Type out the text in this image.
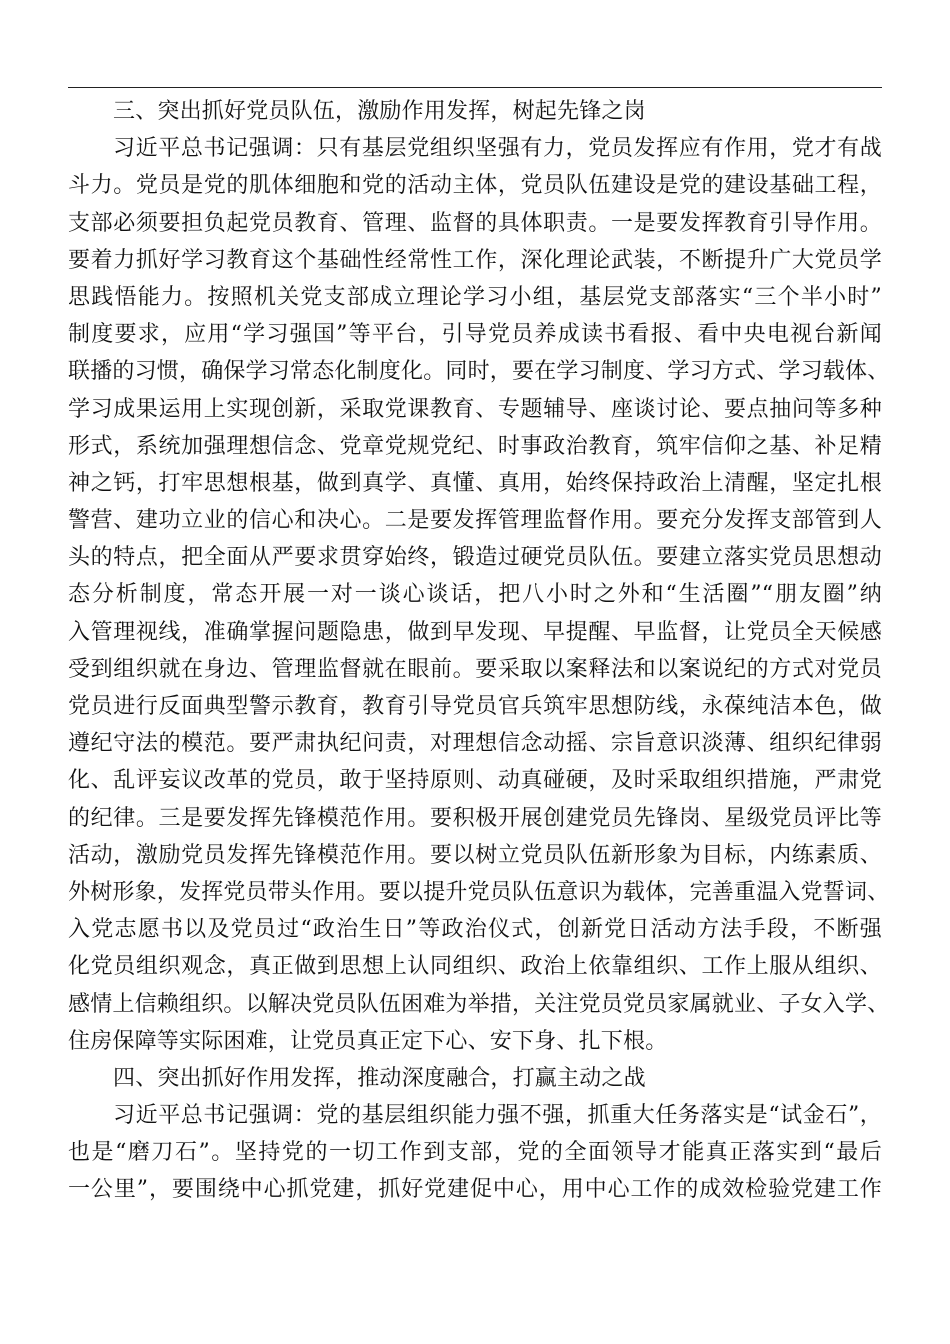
三、突出抓好党员队伍，激励作用发挥，树起先锋之岗
习近平总书记强调：只有基层党组织坚强有力，党员发挥应有作用，党才有战
斗力。党员是党的肌体细胞和党的活动主体，党员队伍建设是党的建设基础工程，
支部必须要担负起党员教育、管理、监督的具体职责。一是要发挥教育引导作用。
要着力抓好学习教育这个基础性经常性工作，深化理论武装，不断提升广大党员学
思践悟能力。按照机关党支部成立理论学习小组，基层党支部落实“三个半小时”
制度要求，应用“学习强国”等平台，引导党员养成读书看报、看中央电视台新闻
联播的习惯，确保学习常态化制度化。同时，要在学习制度、学习方式、学习载体、
学习成果运用上实现创新，采取党课教育、专题辅导、座谈讨论、要点抽问等多种
形式，系统加强理想信念、党章党规党纪、时事政治教育，筑牢信仰之基、补足精
神之钙，打牢思想根基，做到真学、真懂、真用，始终保持政治上清醒，坚定扎根
警营、建功立业的信心和决心。二是要发挥管理监督作用。要充分发挥支部管到人
头的特点，把全面从严要求贯穿始终，锻造过硬党员队伍。要建立落实党员思想动
态分析制度，常态开展一对一谈心谈话，把八小时之外和“生活圈”“朋友圈”纳
入管理视线，准确掌握问题隐患，做到早发现、早提醒、早监督，让党员全天候感
受到组织就在身边、管理监督就在眼前。要采取以案释法和以案说纪的方式对党员
党员进行反面典型警示教育，教育引导党员官兵筑牢思想防线，永葆纯洁本色，做
遵纪守法的模范。要严肃执纪问责，对理想信念动摇、宗旨意识淡薄、组织纪律弱
化、乱评妄议改革的党员，敢于坚持原则、动真碰硬，及时采取组织措施，严肃党
的纪律。三是要发挥先锋模范作用。要积极开展创建党员先锋岗、星级党员评比等
活动，激励党员发挥先锋模范作用。要以树立党员队伍新形象为目标，内练素质、
外树形象，发挥党员带头作用。要以提升党员队伍意识为载体，完善重温入党誓词、
入党志愿书以及党员过“政治生日”等政治仪式，创新党日活动方法手段，不断强
化党员组织观念，真正做到思想上认同组织、政治上依靠组织、工作上服从组织、
感情上信赖组织。以解决党员队伍困难为举措，关注党员党员家属就业、子女入学、
住房保障等实际困难，让党员真正定下心、安下身、扎下根。
四、突出抓好作用发挥，推动深度融合，打赢主动之战
习近平总书记强调：党的基层组织能力强不强，抓重大任务落实是“试金石”，
也是“磨刀石”。坚持党的一切工作到支部，党的全面领导才能真正落实到“最后
一公里”，要围绕中心抓党建，抓好党建促中心，用中心工作的成效检验党建工作
